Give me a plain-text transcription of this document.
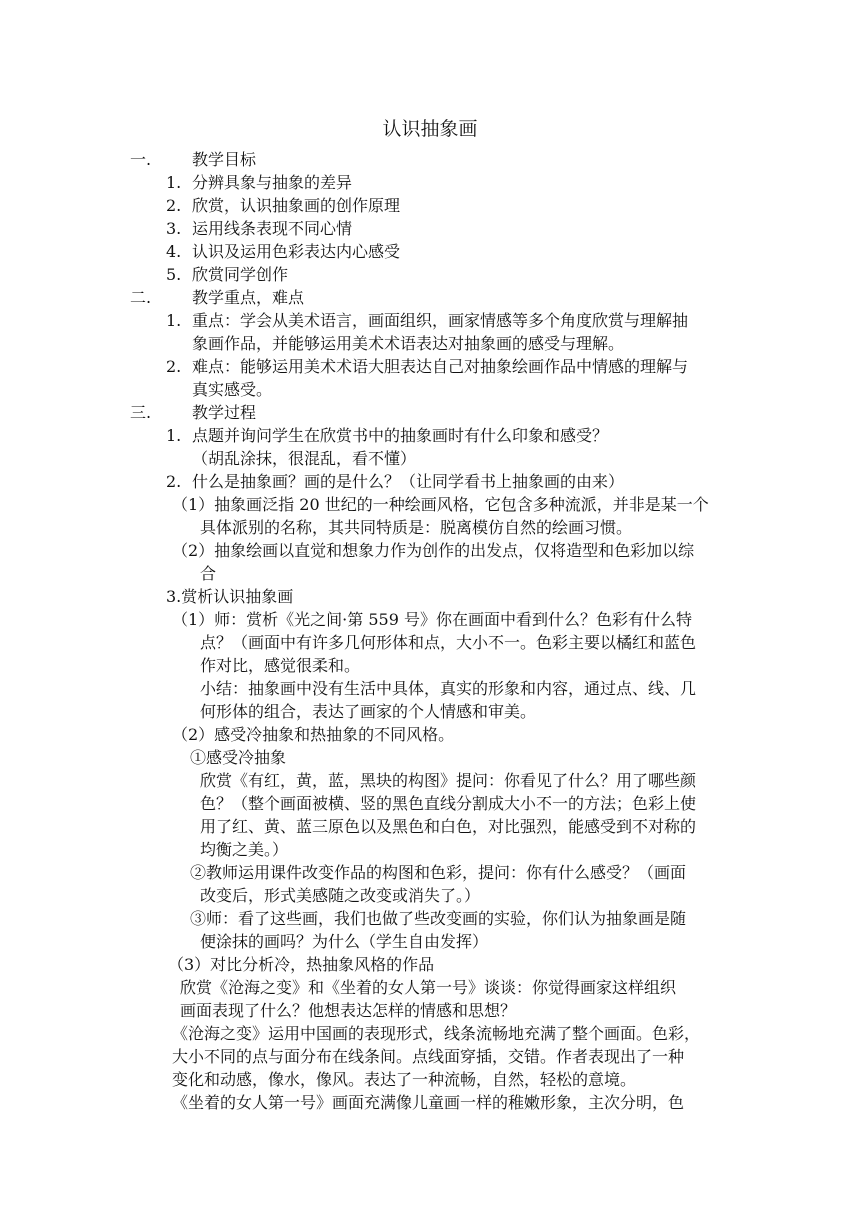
认识抽象画
一.	教学目标
1. 分辨具象与抽象的差异
2. 欣赏，认识抽象画的创作原理
3. 运用线条表现不同心情
4. 认识及运用色彩表达内心感受
5. 欣赏同学创作
二.	教学重点，难点
1. 重点：学会从美术语言，画面组织，画家情感等多个角度欣赏与理解抽
象画作品，并能够运用美术术语表达对抽象画的感受与理解。
2. 难点：能够运用美术术语大胆表达自己对抽象绘画作品中情感的理解与
真实感受。
三.	教学过程
1. 点题并询问学生在欣赏书中的抽象画时有什么印象和感受？
（胡乱涂抹，很混乱，看不懂）
2. 什么是抽象画？画的是什么？（让同学看书上抽象画的由来）
（1）抽象画泛指 20 世纪的一种绘画风格，它包含多种流派，并非是某一个
具体派别的名称，其共同特质是：脱离模仿自然的绘画习惯。
（2）抽象绘画以直觉和想象力作为创作的出发点，仅将造型和色彩加以综
合
3.赏析认识抽象画
（1）师：赏析《光之间·第 559 号》你在画面中看到什么？色彩有什么特
点？（画面中有许多几何形体和点，大小不一。色彩主要以橘红和蓝色
作对比，感觉很柔和。
小结：抽象画中没有生活中具体，真实的形象和内容，通过点、线、几
何形体的组合，表达了画家的个人情感和审美。
（2）感受冷抽象和热抽象的不同风格。
①感受冷抽象
欣赏《有红，黄，蓝，黑块的构图》提问：你看见了什么？用了哪些颜
色？（整个画面被横、竖的黑色直线分割成大小不一的方法；色彩上使
用了红、黄、蓝三原色以及黑色和白色，对比强烈，能感受到不对称的
均衡之美。）
②教师运用课件改变作品的构图和色彩，提问：你有什么感受？（画面
改变后，形式美感随之改变或消失了。）
③师：看了这些画，我们也做了些改变画的实验，你们认为抽象画是随
便涂抹的画吗？为什么（学生自由发挥）
（3）对比分析冷，热抽象风格的作品
欣赏《沧海之变》和《坐着的女人第一号》谈谈：你觉得画家这样组织
画面表现了什么？他想表达怎样的情感和思想？
《沧海之变》运用中国画的表现形式，线条流畅地充满了整个画面。色彩，
大小不同的点与面分布在线条间。点线面穿插，交错。作者表现出了一种
变化和动感，像水，像风。表达了一种流畅，自然，轻松的意境。
《坐着的女人第一号》画面充满像儿童画一样的稚嫩形象，主次分明，色
